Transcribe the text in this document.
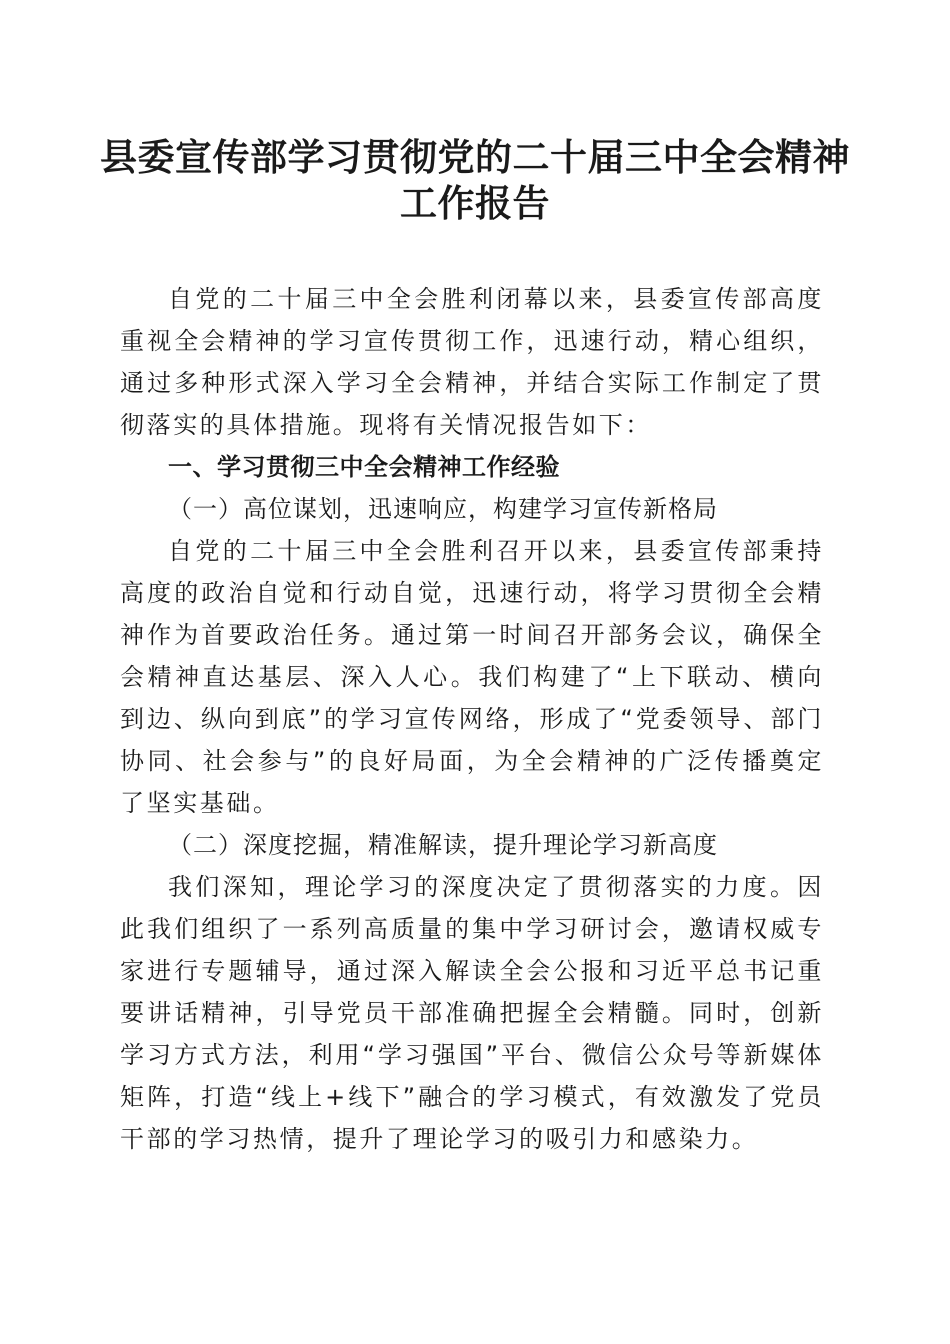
县委宣传部学习贯彻党的二十届三中全会精神
工作报告

自党的二十届三中全会胜利闭幕以来，县委宣传部高度重视全会精神的学习宣传贯彻工作，迅速行动，精心组织，通过多种形式深入学习全会精神，并结合实际工作制定了贯彻落实的具体措施。现将有关情况报告如下：

一、学习贯彻三中全会精神工作经验

（一）高位谋划，迅速响应，构建学习宣传新格局

自党的二十届三中全会胜利召开以来，县委宣传部秉持高度的政治自觉和行动自觉，迅速行动，将学习贯彻全会精神作为首要政治任务。通过第一时间召开部务会议，确保全会精神直达基层、深入人心。我们构建了“上下联动、横向到边、纵向到底”的学习宣传网络，形成了“党委领导、部门协同、社会参与”的良好局面，为全会精神的广泛传播奠定了坚实基础。

（二）深度挖掘，精准解读，提升理论学习新高度

我们深知，理论学习的深度决定了贯彻落实的力度。因此我们组织了一系列高质量的集中学习研讨会，邀请权威专家进行专题辅导，通过深入解读全会公报和习近平总书记重要讲话精神，引导党员干部准确把握全会精髓。同时，创新学习方式方法，利用“学习强国”平台、微信公众号等新媒体矩阵，打造“线上+线下”融合的学习模式，有效激发了党员干部的学习热情，提升了理论学习的吸引力和感染力。
